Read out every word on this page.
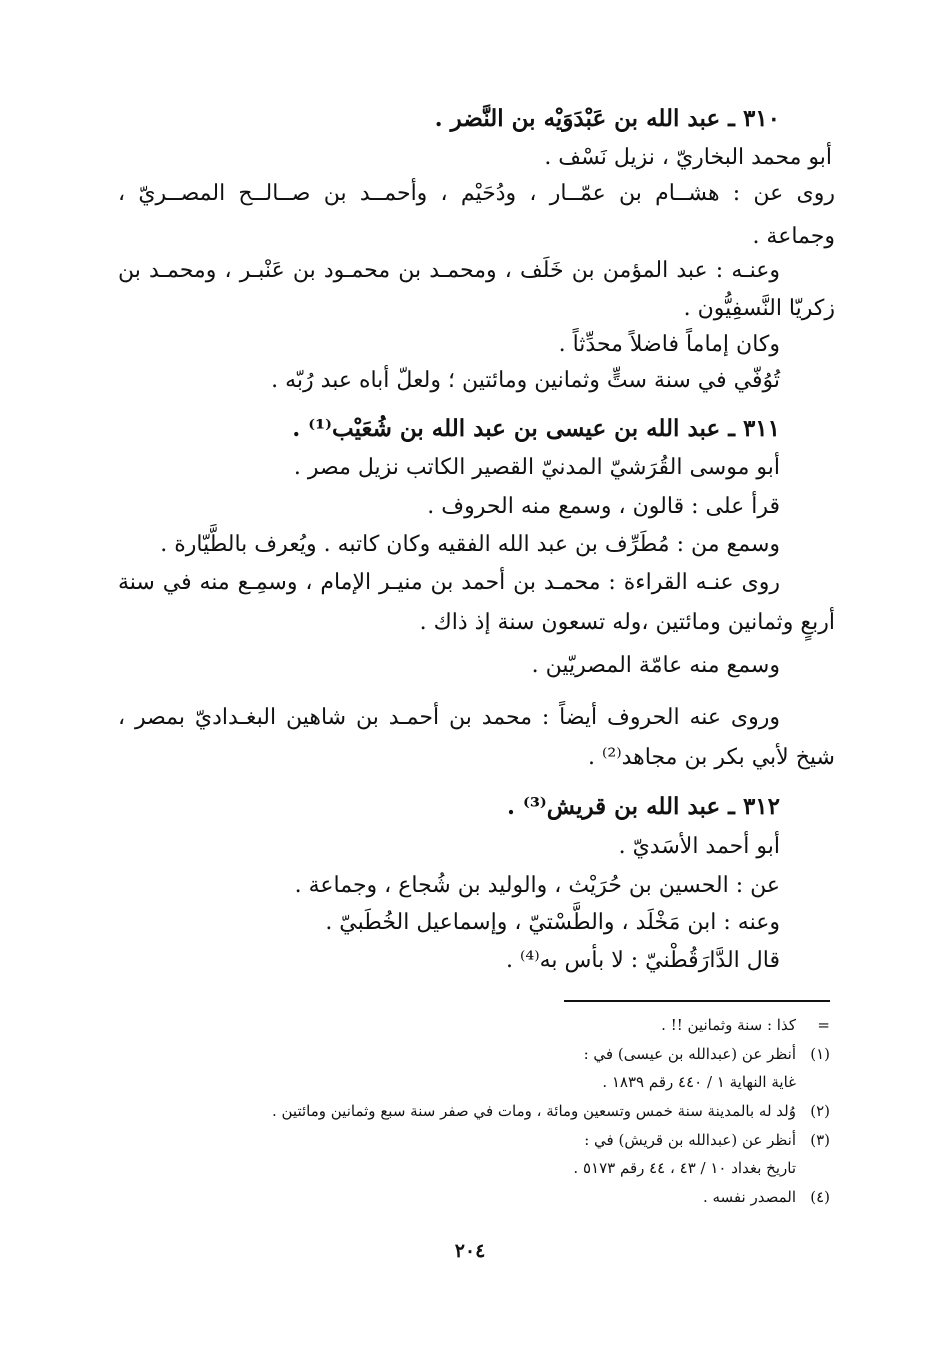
٣١٠ ـ عبد الله بن عَبْدَوَيْه بن النَّضر .
أبو محمد البخاريّ ، نزيل نَسْف .
روى عن : هشــام بن عمّــار ، ودُحَيْم ، وأحمــد بن صــالــح المصــريّ ،
وجماعة .
وعنـه : عبد المؤمن بن خَلَف ، ومحمـد بن محمـود بن عَنْبـر ، ومحمـد بن
زكريّا النَّسفِيُّون .
وكان إماماً فاضلاً محدِّثاً .
تُوُفّي في سنة ستٍّ وثمانين ومائتين ؛ ولعلّ أباه عبد رُبّه .
٣١١ ـ عبد الله بن عيسى بن عبد الله بن شُعَيْب⁽¹⁾ .
أبو موسى القُرَشيّ المدنيّ القصير الكاتب نزيل مصر .
قرأ على : قالون ، وسمع منه الحروف .
وسمع من : مُطَرِّف بن عبد الله الفقيه وكان كاتبه . ويُعرف بالطَّيّارة .
روى عنـه القراءة : محمـد بن أحمد بن منيـر الإمام ، وسمِـع منه في سنة
أربعٍ وثمانين ومائتين ،وله تسعون سنة إذ ذاك .
وسمع منه عامّة المصريّين .
وروى عنه الحروف أيضاً : محمد بن أحمـد بن شاهين البغـداديّ بمصر ،
شيخ لأبي بكر بن مجاهد⁽²⁾ .
٣١٢ ـ عبد الله بن قريش⁽³⁾ .
أبو أحمد الأسَديّ .
عن : الحسين بن حُرَيْث ، والوليد بن شُجاع ، وجماعة .
وعنه : ابن مَخْلَد ، والطَّسْتيّ ، وإسماعيل الخُطَبيّ .
قال الدَّارَقُطْنيّ : لا بأس به⁽⁴⁾ .
=كذا : سنة وثمانين !! .
(١)أنظر عن (عبدالله بن عيسى) في :
غاية النهاية ١ / ٤٤٠ رقم ١٨٣٩ .
(٢)وُلد له بالمدينة سنة خمس وتسعين ومائة ، ومات في صفر سنة سبع وثمانين ومائتين .
(٣)أنظر عن (عبدالله بن قريش) في :
تاريخ بغداد ١٠ / ٤٣ ، ٤٤ رقم ٥١٧٣ .
(٤)المصدر نفسه .
٢٠٤
